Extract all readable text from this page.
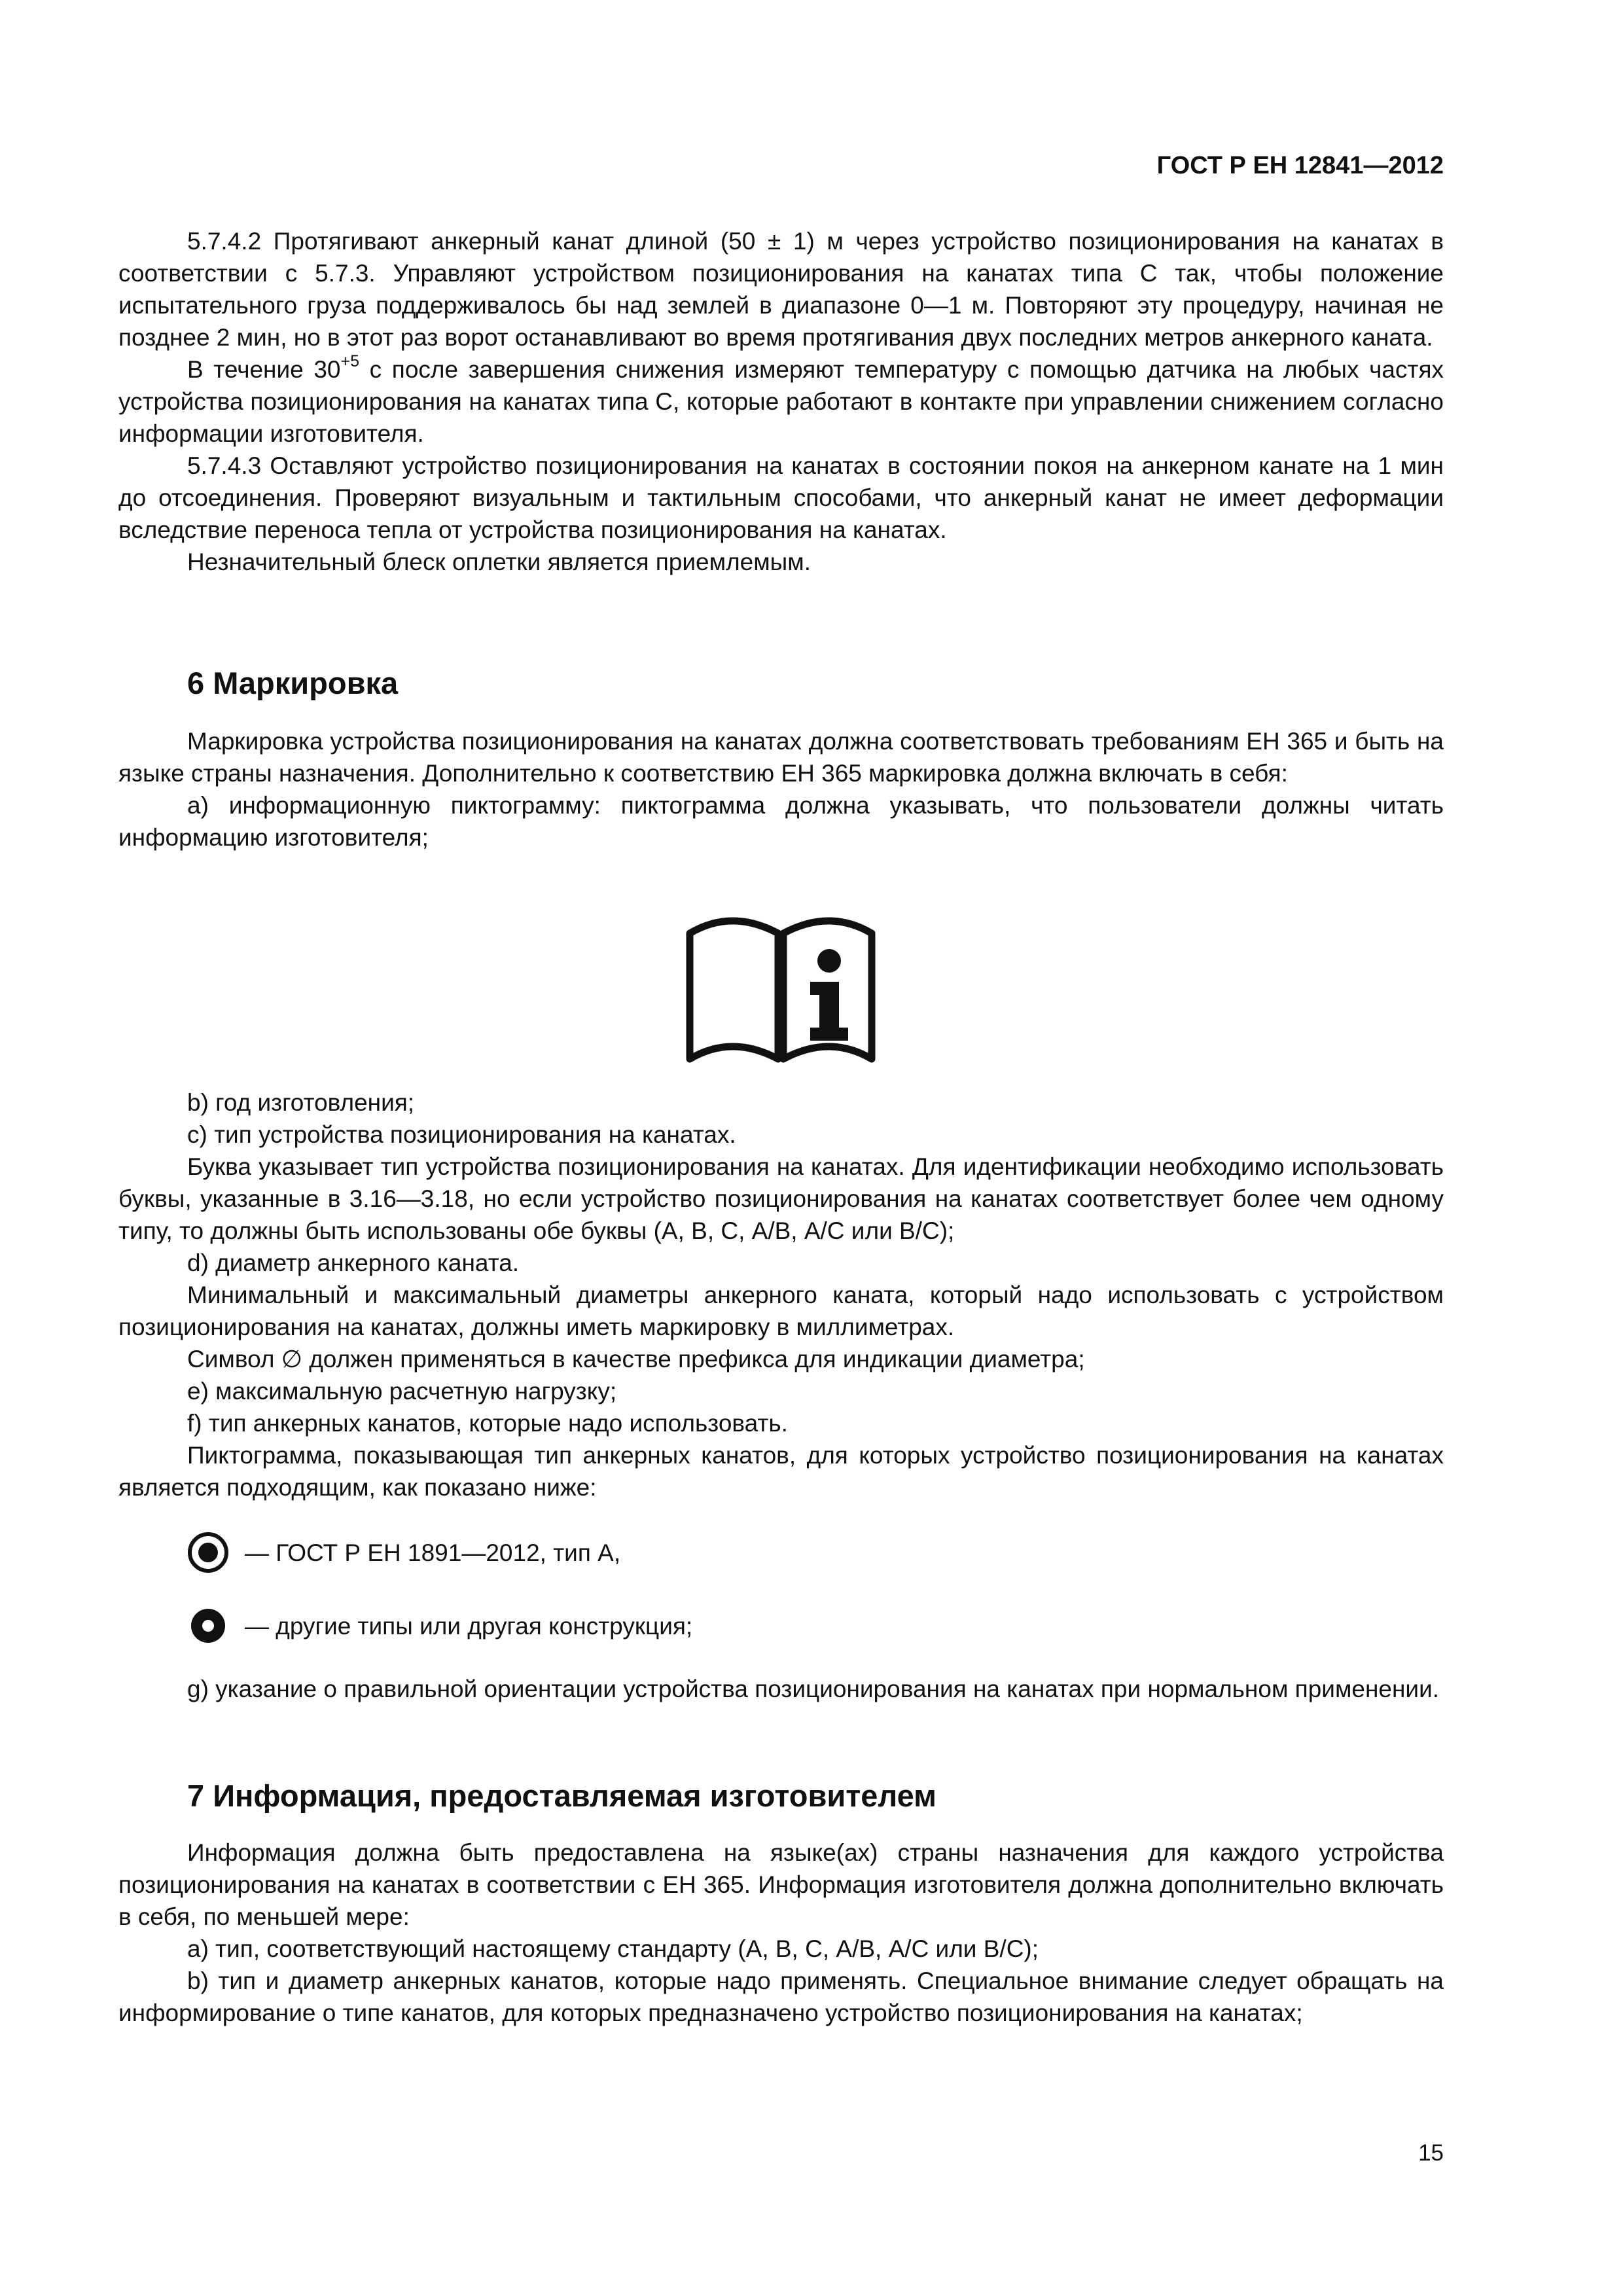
ГОСТ Р ЕН 12841—2012

5.7.4.2 Протягивают анкерный канат длиной (50 ± 1) м через устройство позиционирования на канатах в соответствии с 5.7.3. Управляют устройством позиционирования на канатах типа С так, чтобы положение испытательного груза поддерживалось бы над землей в диапазоне 0—1 м. Повторяют эту процедуру, начиная не позднее 2 мин, но в этот раз ворот останавливают во время протягивания двух последних метров анкерного каната.

В течение $30^{+5}$ с после завершения снижения измеряют температуру с помощью датчика на любых частях устройства позиционирования на канатах типа С, которые работают в контакте при управлении снижением согласно информации изготовителя.

5.7.4.3 Оставляют устройство позиционирования на канатах в состоянии покоя на анкерном канате на 1 мин до отсоединения. Проверяют визуальным и тактильным способами, что анкерный канат не имеет деформации вследствие переноса тепла от устройства позиционирования на канатах.

Незначительный блеск оплетки является приемлемым.

6 Маркировка

Маркировка устройства позиционирования на канатах должна соответствовать требованиям ЕН 365 и быть на языке страны назначения. Дополнительно к соответствию ЕН 365 маркировка должна включать в себя:

a) информационную пиктограмму: пиктограмма должна указывать, что пользователи должны читать информацию изготовителя;

b) год изготовления;

c) тип устройства позиционирования на канатах.

Буква указывает тип устройства позиционирования на канатах. Для идентификации необходимо использовать буквы, указанные в 3.16—3.18, но если устройство позиционирования на канатах соответствует более чем одному типу, то должны быть использованы обе буквы (А, В, С, А/В, А/С или В/С);

d) диаметр анкерного каната.

Минимальный и максимальный диаметры анкерного каната, который надо использовать с устройством позиционирования на канатах, должны иметь маркировку в миллиметрах.

Символ ∅ должен применяться в качестве префикса для индикации диаметра;

e) максимальную расчетную нагрузку;

f) тип анкерных канатов, которые надо использовать.

Пиктограмма, показывающая тип анкерных канатов, для которых устройство позиционирования на канатах является подходящим, как показано ниже:

— ГОСТ Р ЕН 1891—2012, тип А,
— другие типы или другая конструкция;

g) указание о правильной ориентации устройства позиционирования на канатах при нормальном применении.

7 Информация, предоставляемая изготовителем

Информация должна быть предоставлена на языке(ах) страны назначения для каждого устройства позиционирования на канатах в соответствии с ЕН 365. Информация изготовителя должна дополнительно включать в себя, по меньшей мере:

a) тип, соответствующий настоящему стандарту (А, В, С, А/В, А/С или В/С);

b) тип и диаметр анкерных канатов, которые надо применять. Специальное внимание следует обращать на информирование о типе канатов, для которых предназначено устройство позиционирования на канатах;

15
